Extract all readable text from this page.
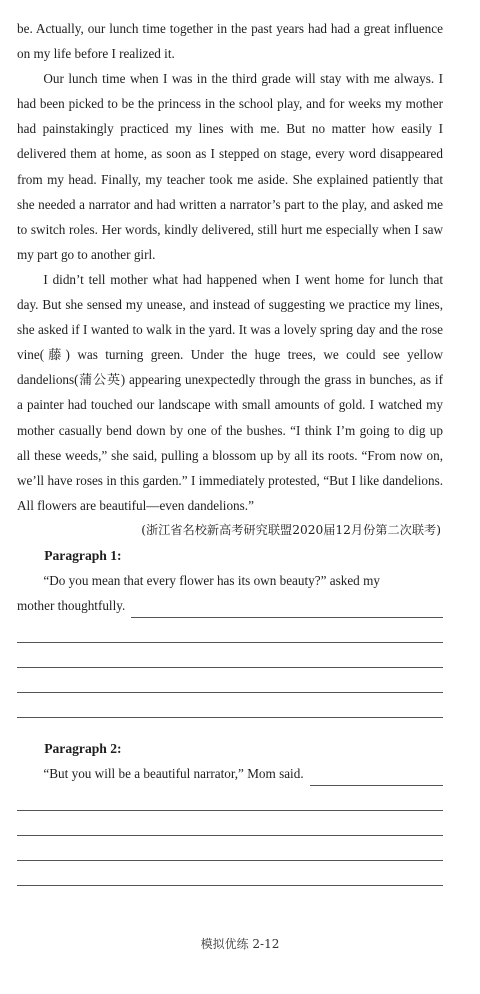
be. Actually, our lunch time together in the past years had had a great influence on my life before I realized it.

Our lunch time when I was in the third grade will stay with me always. I had been picked to be the princess in the school play, and for weeks my mother had painstakingly practiced my lines with me. But no matter how easily I delivered them at home, as soon as I stepped on stage, every word disappeared from my head. Finally, my teacher took me aside. She explained patiently that she needed a narrator and had written a narrator’s part to the play, and asked me to switch roles. Her words, kindly delivered, still hurt me especially when I saw my part go to another girl.

I didn’t tell mother what had happened when I went home for lunch that day. But she sensed my unease, and instead of suggesting we practice my lines, she asked if I wanted to walk in the yard. It was a lovely spring day and the rose vine(藤) was turning green. Under the huge trees, we could see yellow dandelions(蒲公英) appearing unexpectedly through the grass in bunches, as if a painter had touched our landscape with small amounts of gold. I watched my mother casually bend down by one of the bushes. “I think I’m going to dig up all these weeds,” she said, pulling a blossom up by all its roots. “From now on, we’ll have roses in this garden.” I immediately protested, “But I like dandelions. All flowers are beautiful—even dandelions.”

(浙江省名校新高考研究联盟2020届12月份第二次联考)

Paragraph 1:

“Do you mean that every flower has its own beauty?” asked my

mother thoughtfully.

Paragraph 2:

“But you will be a beautiful narrator,” Mom said.
模拟优练 2-12
